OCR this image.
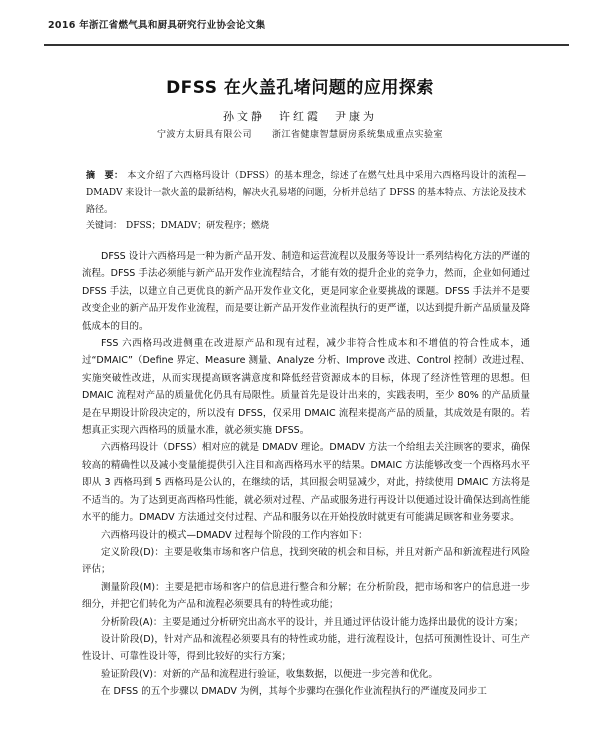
2016 年浙江省燃气具和厨具研究行业协会论文集
DFSS 在火盖孔堵问题的应用探索
孙文静　许红霞　尹康为
宁波方太厨具有限公司 浙江省健康智慧厨房系统集成重点实验室
摘　要： 本文介绍了六西格玛设计（DFSS）的基本理念，综述了在燃气灶具中采用六西格玛设计的流程—DMADV 来设计一款火盖的最新结构，解决火孔易堵的问题，分析并总结了 DFSS 的基本特点、方法论及技术路径。
关键词： DFSS；DMADV；研发程序；燃烧

DFSS 设计六西格玛是一种为新产品开发、制造和运营流程以及服务等设计一系列结构化方法的严谨的流程。DFSS 手法必须能与新产品开发作业流程结合，才能有效的提升企业的竞争力，然而，企业如何通过 DFSS 手法，以建立自己更优良的新产品开发作业文化，更是同家企业要挑战的课题。DFSS 手法并不是要改变企业的新产品开发作业流程，而是要让新产品开发作业流程执行的更严谨，以达到提升新产品质量及降低成本的目的。

FSS 六西格玛改进侧重在改进原产品和现有过程，减少非符合性成本和不增值的符合性成本，通过“DMAIC”（Define 界定、Measure 测量、Analyze 分析、Improve 改进、Control 控制）改进过程、实施突破性改进，从而实现提高顾客满意度和降低经营资源成本的目标，体现了经济性管理的思想。但 DMAIC 流程对产品的质量优化仍具有局限性。质量首先是设计出来的，实践表明，至少 80% 的产品质量是在早期设计阶段决定的，所以没有 DFSS，仅采用 DMAIC 流程来提高产品的质量，其成效是有限的。若想真正实现六西格玛的质量水准，就必须实施 DFSS。

六西格玛设计（DFSS）相对应的就是 DMADV 理论。DMADV 方法一个给组去关注顾客的要求，确保较高的精确性以及减小变量能提供引入注目和高西格玛水平的结果。DMAIC 方法能够改变一个西格玛水平即从 3 西格玛到 5 西格玛是公认的，在继续的话，其回报会明显减少，对此，持续使用 DMAIC 方法将是不适当的。为了达到更高西格玛性能，就必须对过程、产品或服务进行再设计以便通过设计确保达到高性能水平的能力。DMADV 方法通过交付过程、产品和服务以在开始投放时就更有可能满足顾客和业务要求。

六西格玛设计的模式—DMADV 过程每个阶段的工作内容如下：

定义阶段(D)：主要是收集市场和客户信息，找到突破的机会和目标，并且对新产品和新流程进行风险评估；

测量阶段(M)：主要是把市场和客户的信息进行整合和分解；在分析阶段，把市场和客户的信息进一步细分，并把它们转化为产品和流程必须要具有的特性或功能；

分析阶段(A)：主要是通过分析研究出高水平的设计，并且通过评估设计能力选择出最优的设计方案；

设计阶段(D)，针对产品和流程必须要具有的特性或功能，进行流程设计，包括可预测性设计、可生产性设计、可靠性设计等，得到比较好的实行方案；

验证阶段(V)：对新的产品和流程进行验证，收集数据，以便进一步完善和优化。

在 DFSS 的五个步骤以 DMADV 为例，其每个步骤均在强化作业流程执行的严谨度及同步工
